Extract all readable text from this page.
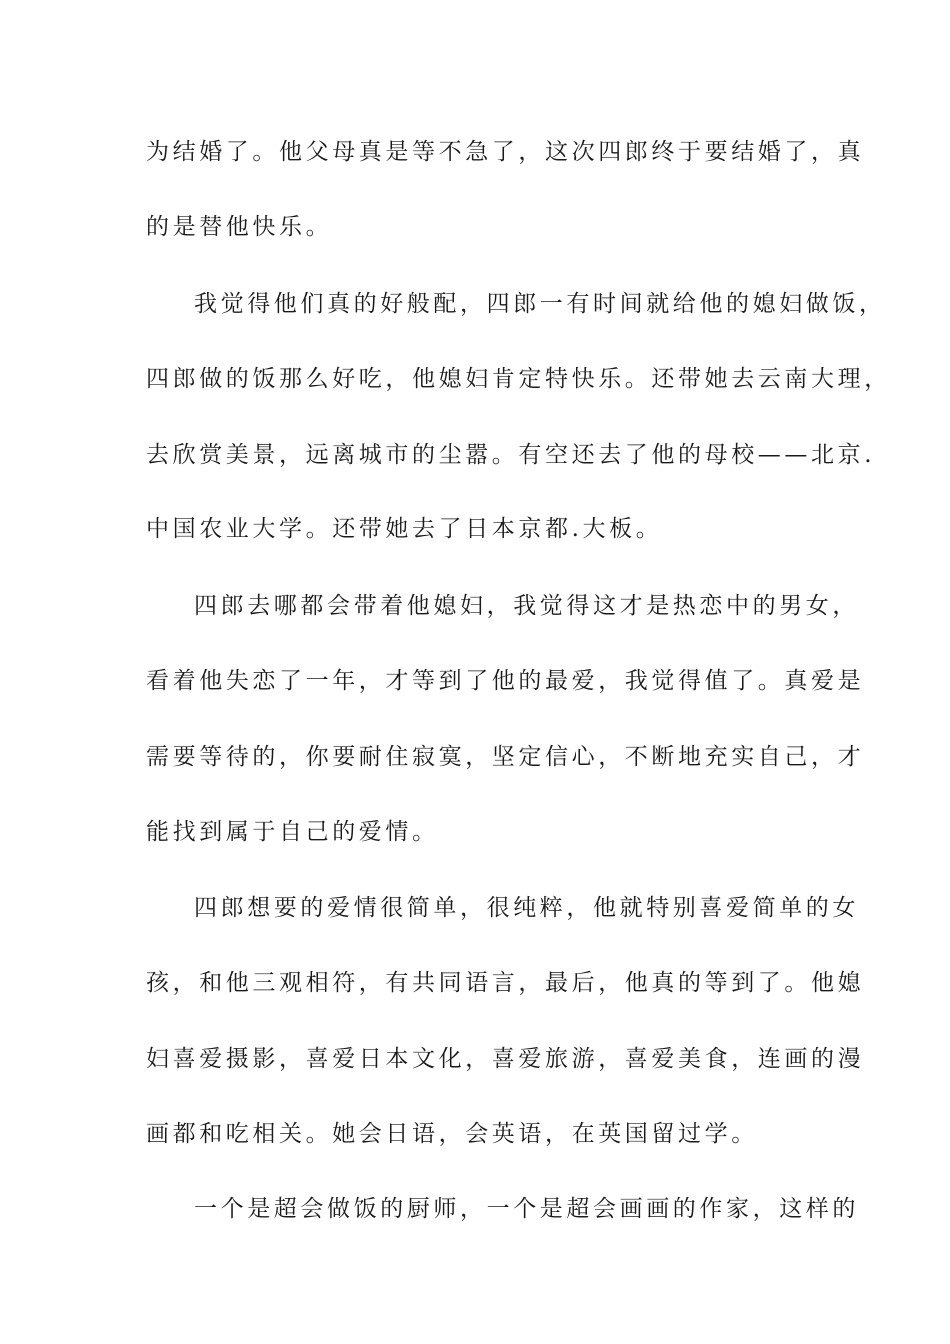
为结婚了。他父母真是等不急了，这次四郎终于要结婚了，真

的是替他快乐。

我觉得他们真的好般配，四郎一有时间就给他的媳妇做饭，

四郎做的饭那么好吃，他媳妇肯定特快乐。还带她去云南大理，

去欣赏美景，远离城市的尘嚣。有空还去了他的母校——北京.

中国农业大学。还带她去了日本京都.大板。

四郎去哪都会带着他媳妇，我觉得这才是热恋中的男女，

看着他失恋了一年，才等到了他的最爱，我觉得值了。真爱是

需要等待的，你要耐住寂寞，坚定信心，不断地充实自己，才

能找到属于自己的爱情。

四郎想要的爱情很简单，很纯粹，他就特别喜爱简单的女

孩，和他三观相符，有共同语言，最后，他真的等到了。他媳

妇喜爱摄影，喜爱日本文化，喜爱旅游，喜爱美食，连画的漫

画都和吃相关。她会日语，会英语，在英国留过学。

一个是超会做饭的厨师，一个是超会画画的作家，这样的
